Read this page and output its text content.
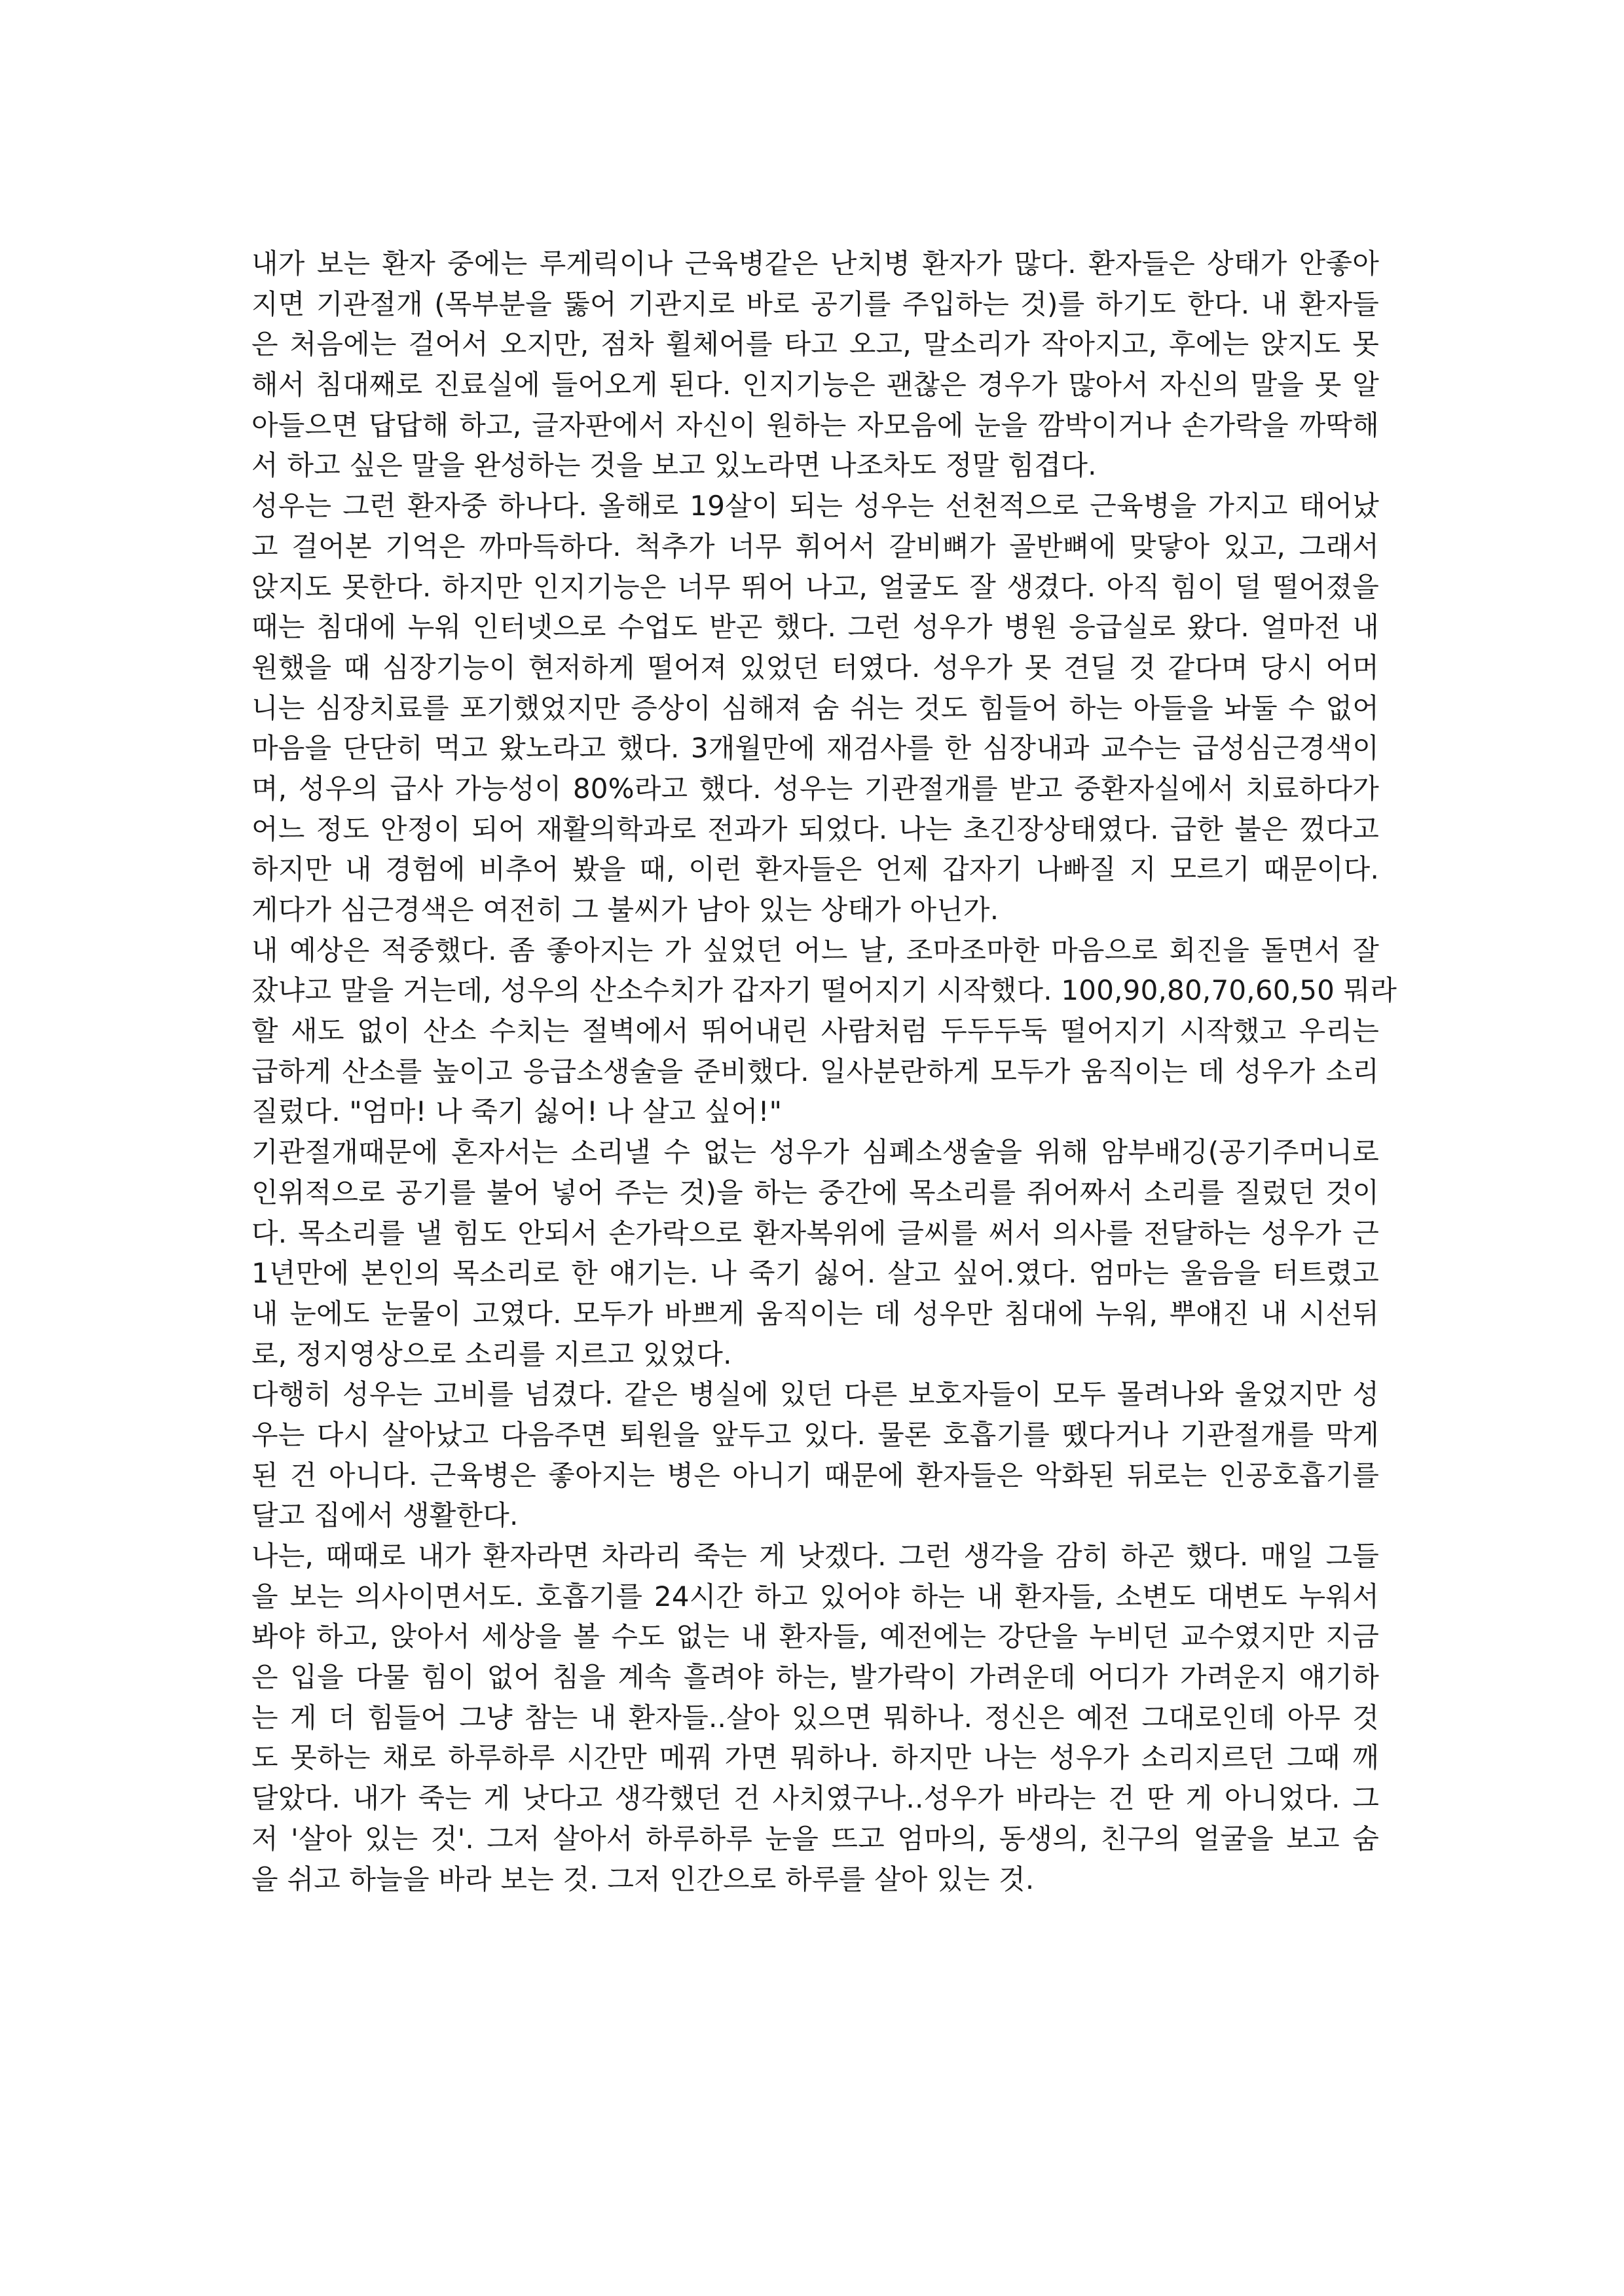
내가 보는 환자 중에는 루게릭이나 근육병같은 난치병 환자가 많다. 환자들은 상태가 안좋아
지면 기관절개 (목부분을 뚫어 기관지로 바로 공기를 주입하는 것)를 하기도 한다. 내 환자들
은 처음에는 걸어서 오지만, 점차 휠체어를 타고 오고, 말소리가 작아지고, 후에는 앉지도 못
해서 침대째로 진료실에 들어오게 된다. 인지기능은 괜찮은 경우가 많아서 자신의 말을 못 알
아들으면 답답해 하고, 글자판에서 자신이 원하는 자모음에 눈을 깜박이거나 손가락을 까딱해
서 하고 싶은 말을 완성하는 것을 보고 있노라면 나조차도 정말 힘겹다.
성우는 그런 환자중 하나다. 올해로 19살이 되는 성우는 선천적으로 근육병을 가지고 태어났
고 걸어본 기억은 까마득하다. 척추가 너무 휘어서 갈비뼈가 골반뼈에 맞닿아 있고, 그래서
앉지도 못한다. 하지만 인지기능은 너무 뛰어 나고, 얼굴도 잘 생겼다. 아직 힘이 덜 떨어졌을
때는 침대에 누워 인터넷으로 수업도 받곤 했다. 그런 성우가 병원 응급실로 왔다. 얼마전 내
원했을 때 심장기능이 현저하게 떨어져 있었던 터였다. 성우가 못 견딜 것 같다며 당시 어머
니는 심장치료를 포기했었지만 증상이 심해져 숨 쉬는 것도 힘들어 하는 아들을 놔둘 수 없어
마음을 단단히 먹고 왔노라고 했다. 3개월만에 재검사를 한 심장내과 교수는 급성심근경색이
며, 성우의 급사 가능성이 80%라고 했다. 성우는 기관절개를 받고 중환자실에서 치료하다가
어느 정도 안정이 되어 재활의학과로 전과가 되었다. 나는 초긴장상태였다. 급한 불은 껐다고
하지만 내 경험에 비추어 봤을 때, 이런 환자들은 언제 갑자기 나빠질 지 모르기 때문이다.
게다가 심근경색은 여전히 그 불씨가 남아 있는 상태가 아닌가.
내 예상은 적중했다. 좀 좋아지는 가 싶었던 어느 날, 조마조마한 마음으로 회진을 돌면서 잘
잤냐고 말을 거는데, 성우의 산소수치가 갑자기 떨어지기 시작했다. 100,90,80,70,60,50 뭐라
할 새도 없이 산소 수치는 절벽에서 뛰어내린 사람처럼 두두두둑 떨어지기 시작했고 우리는
급하게 산소를 높이고 응급소생술을 준비했다. 일사분란하게 모두가 움직이는 데 성우가 소리
질렀다. "엄마! 나 죽기 싫어! 나 살고 싶어!"
기관절개때문에 혼자서는 소리낼 수 없는 성우가 심폐소생술을 위해 암부배깅(공기주머니로
인위적으로 공기를 불어 넣어 주는 것)을 하는 중간에 목소리를 쥐어짜서 소리를 질렀던 것이
다. 목소리를 낼 힘도 안되서 손가락으로 환자복위에 글씨를 써서 의사를 전달하는 성우가 근
1년만에 본인의 목소리로 한 얘기는. 나 죽기 싫어. 살고 싶어.였다. 엄마는 울음을 터트렸고
내 눈에도 눈물이 고였다. 모두가 바쁘게 움직이는 데 성우만 침대에 누워, 뿌얘진 내 시선뒤
로, 정지영상으로 소리를 지르고 있었다.
다행히 성우는 고비를 넘겼다. 같은 병실에 있던 다른 보호자들이 모두 몰려나와 울었지만 성
우는 다시 살아났고 다음주면 퇴원을 앞두고 있다. 물론 호흡기를 뗐다거나 기관절개를 막게
된 건 아니다. 근육병은 좋아지는 병은 아니기 때문에 환자들은 악화된 뒤로는 인공호흡기를
달고 집에서 생활한다.
나는, 때때로 내가 환자라면 차라리 죽는 게 낫겠다. 그런 생각을 감히 하곤 했다. 매일 그들
을 보는 의사이면서도. 호흡기를 24시간 하고 있어야 하는 내 환자들, 소변도 대변도 누워서
봐야 하고, 앉아서 세상을 볼 수도 없는 내 환자들, 예전에는 강단을 누비던 교수였지만 지금
은 입을 다물 힘이 없어 침을 계속 흘려야 하는, 발가락이 가려운데 어디가 가려운지 얘기하
는 게 더 힘들어 그냥 참는 내 환자들..살아 있으면 뭐하나. 정신은 예전 그대로인데 아무 것
도 못하는 채로 하루하루 시간만 메꿔 가면 뭐하나. 하지만 나는 성우가 소리지르던 그때 깨
달았다. 내가 죽는 게 낫다고 생각했던 건 사치였구나..성우가 바라는 건 딴 게 아니었다. 그
저 '살아 있는 것'. 그저 살아서 하루하루 눈을 뜨고 엄마의, 동생의, 친구의 얼굴을 보고 숨
을 쉬고 하늘을 바라 보는 것. 그저 인간으로 하루를 살아 있는 것.
